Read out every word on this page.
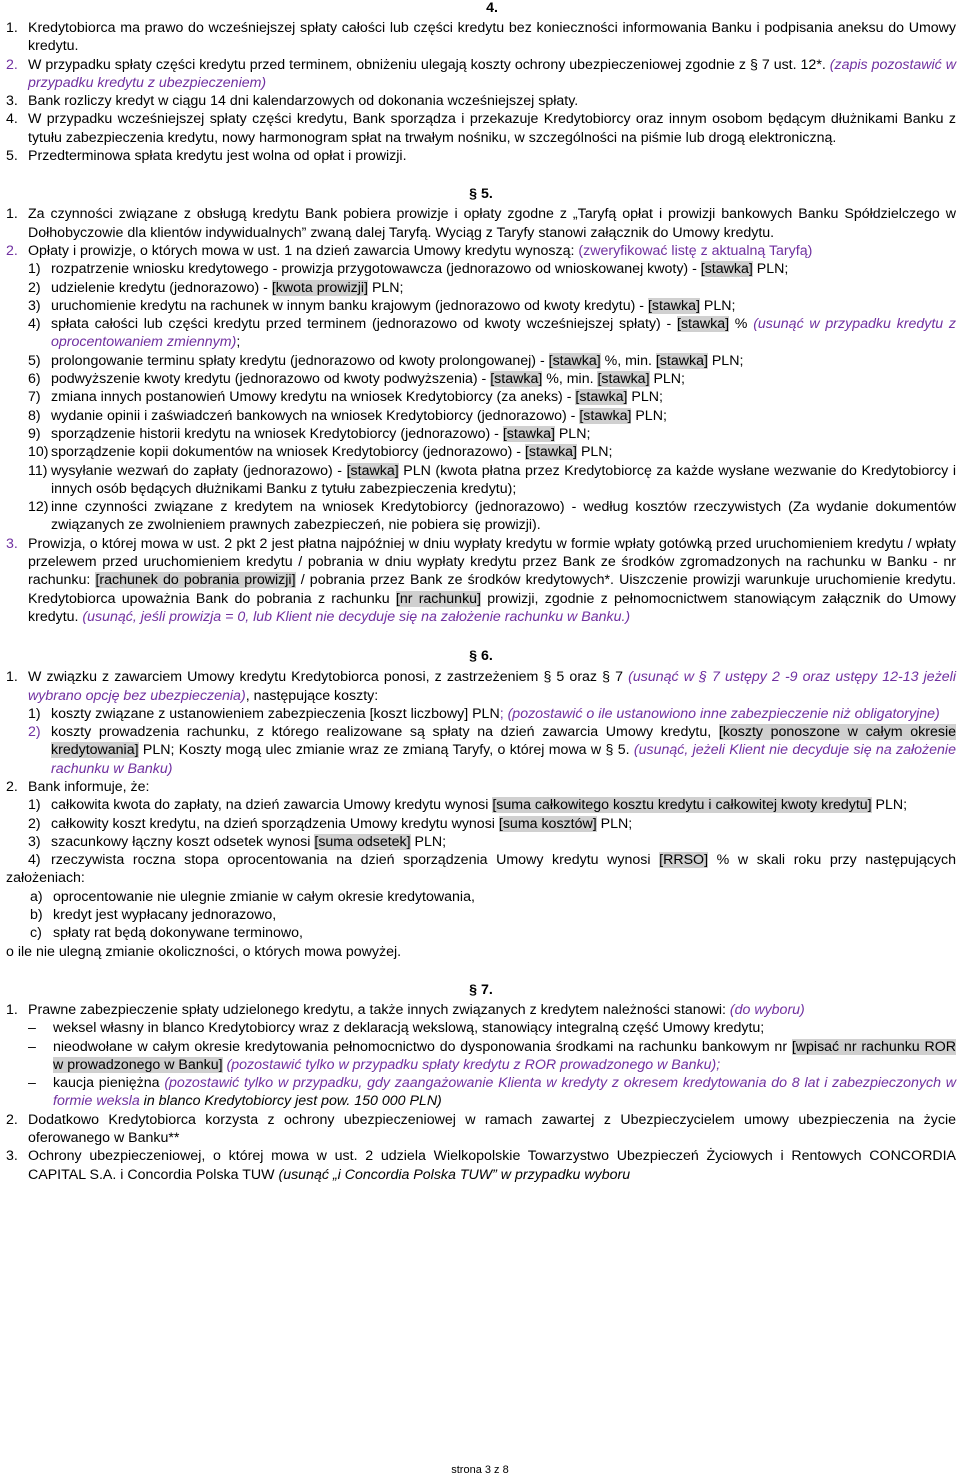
4.
1. Kredytobiorca ma prawo do wcześniejszej spłaty całości lub części kredytu bez konieczności informowania Banku i podpisania aneksu do Umowy kredytu.
2. W przypadku spłaty części kredytu przed terminem, obniżeniu ulegają koszty ochrony ubezpieczeniowej zgodnie z § 7 ust. 12*. (zapis pozostawić w przypadku kredytu z ubezpieczeniem)
3. Bank rozliczy kredyt w ciągu 14 dni kalendarzowych od dokonania wcześniejszej spłaty.
4. W przypadku wcześniejszej spłaty części kredytu, Bank sporządza i przekazuje Kredytobiorcy oraz innym osobom będącym dłużnikami Banku z tytułu zabezpieczenia kredytu, nowy harmonogram spłat na trwałym nośniku, w szczególności na piśmie lub drogą elektroniczną.
5. Przedterminowa spłata kredytu jest wolna od opłat i prowizji.
§ 5.
1. Za czynności związane z obsługą kredytu Bank pobiera prowizje i opłaty zgodne z „Taryfą opłat i prowizji bankowych Banku Spółdzielczego w Dołhobyczowie dla klientów indywidualnych” zwaną dalej Taryfą. Wyciąg z Taryfy stanowi załącznik do Umowy kredytu.
2. Opłaty i prowizje, o których mowa w ust. 1 na dzień zawarcia Umowy kredytu wynoszą: (zweryfikować listę z aktualną Taryfą)
1) rozpatrzenie wniosku kredytowego - prowizja przygotowawcza (jednorazowo od wnioskowanej kwoty) - [stawka] PLN;
2) udzielenie kredytu (jednorazowo) - [kwota prowizji] PLN;
3) uruchomienie kredytu na rachunek w innym banku krajowym (jednorazowo od kwoty kredytu) - [stawka] PLN;
4) spłata całości lub części kredytu przed terminem (jednorazowo od kwoty wcześniejszej spłaty) - [stawka] % (usunąć w przypadku kredytu z oprocentowaniem zmiennym);
5) prolongowanie terminu spłaty kredytu (jednorazowo od kwoty prolongowanej) - [stawka] %, min. [stawka] PLN;
6) podwyższenie kwoty kredytu (jednorazowo od kwoty podwyższenia) - [stawka] %, min. [stawka] PLN;
7) zmiana innych postanowień Umowy kredytu na wniosek Kredytobiorcy (za aneks) - [stawka] PLN;
8) wydanie opinii i zaświadczeń bankowych na wniosek Kredytobiorcy (jednorazowo) - [stawka] PLN;
9) sporządzenie historii kredytu na wniosek Kredytobiorcy (jednorazowo) - [stawka] PLN;
10) sporządzenie kopii dokumentów na wniosek Kredytobiorcy (jednorazowo) - [stawka] PLN;
11) wysyłanie wezwań do zapłaty (jednorazowo) - [stawka] PLN (kwota płatna przez Kredytobiorcę za każde wysłane wezwanie do Kredytobiorcy i innych osób będących dłużnikami Banku z tytułu zabezpieczenia kredytu);
12) inne czynności związane z kredytem na wniosek Kredytobiorcy (jednorazowo) - według kosztów rzeczywistych (Za wydanie dokumentów związanych ze zwolnieniem prawnych zabezpieczeń, nie pobiera się prowizji).
3. Prowizja, o której mowa w ust. 2 pkt 2 jest płatna najpóźniej w dniu wypłaty kredytu w formie wpłaty gotówką przed uruchomieniem kredytu / wpłaty przelewem przed uruchomieniem kredytu / pobrania w dniu wypłaty kredytu przez Bank ze środków zgromadzonych na rachunku w Banku - nr rachunku: [rachunek do pobrania prowizji] / pobrania przez Bank ze środków kredytowych*. Uiszczenie prowizji warunkuje uruchomienie kredytu. Kredytobiorca upoważnia Bank do pobrania z rachunku [nr rachunku] prowizji, zgodnie z pełnomocnictwem stanowiącym załącznik do Umowy kredytu. (usunąć, jeśli prowizja = 0, lub Klient nie decyduje się na założenie rachunku w Banku.)
§ 6.
1. W związku z zawarciem Umowy kredytu Kredytobiorca ponosi, z zastrzeżeniem § 5 oraz § 7 (usunąć w § 7 ustępy 2 -9 oraz ustępy 12-13 jeżeli wybrano opcję bez ubezpieczenia), następujące koszty:
1) koszty związane z ustanowieniem zabezpieczenia [koszt liczbowy] PLN; (pozostawić o ile ustanowiono inne zabezpieczenie niż obligatoryjne)
2) koszty prowadzenia rachunku, z którego realizowane są spłaty na dzień zawarcia Umowy kredytu, [koszty ponoszone w całym okresie kredytowania] PLN; Koszty mogą ulec zmianie wraz ze zmianą Taryfy, o której mowa w § 5. (usunąć, jeżeli Klient nie decyduje się na założenie rachunku w Banku)
2. Bank informuje, że:
1) całkowita kwota do zapłaty, na dzień zawarcia Umowy kredytu wynosi [suma całkowitego kosztu kredytu i całkowitej kwoty kredytu] PLN;
2) całkowity koszt kredytu, na dzień sporządzenia Umowy kredytu wynosi [suma kosztów] PLN;
3) szacunkowy łączny koszt odsetek wynosi [suma odsetek] PLN;
4) rzeczywista roczna stopa oprocentowania na dzień sporządzenia Umowy kredytu wynosi [RRSO] % w skali roku przy następujących założeniach:
a) oprocentowanie nie ulegnie zmianie w całym okresie kredytowania,
b) kredyt jest wypłacany jednorazowo,
c) spłaty rat będą dokonywane terminowo,
o ile nie ulegną zmianie okoliczności, o których mowa powyżej.
§ 7.
1. Prawne zabezpieczenie spłaty udzielonego kredytu, a także innych związanych z kredytem należności stanowi: (do wyboru)
– weksel własny in blanco Kredytobiorcy wraz z deklaracją wekslową, stanowiący integralną część Umowy kredytu;
– nieodwołane w całym okresie kredytowania pełnomocnictwo do dysponowania środkami na rachunku bankowym nr [wpisać nr rachunku ROR w prowadzonego w Banku] (pozostawić tylko w przypadku spłaty kredytu z ROR prowadzonego w Banku);
– kaucja pieniężna (pozostawić tylko w przypadku, gdy zaangażowanie Klienta w kredyty z okresem kredytowania do 8 lat i zabezpieczonych w formie weksla in blanco Kredytobiorcy jest pow. 150 000 PLN)
2. Dodatkowo Kredytobiorca korzysta z ochrony ubezpieczeniowej w ramach zawartej z Ubezpieczycielem umowy ubezpieczenia na życie oferowanego w Banku**
3. Ochrony ubezpieczeniowej, o której mowa w ust. 2 udziela Wielkopolskie Towarzystwo Ubezpieczeń Życiowych i Rentowych CONCORDIA CAPITAL S.A. i Concordia Polska TUW (usunąć „i Concordia Polska TUW” w przypadku wyboru
strona 3 z 8
